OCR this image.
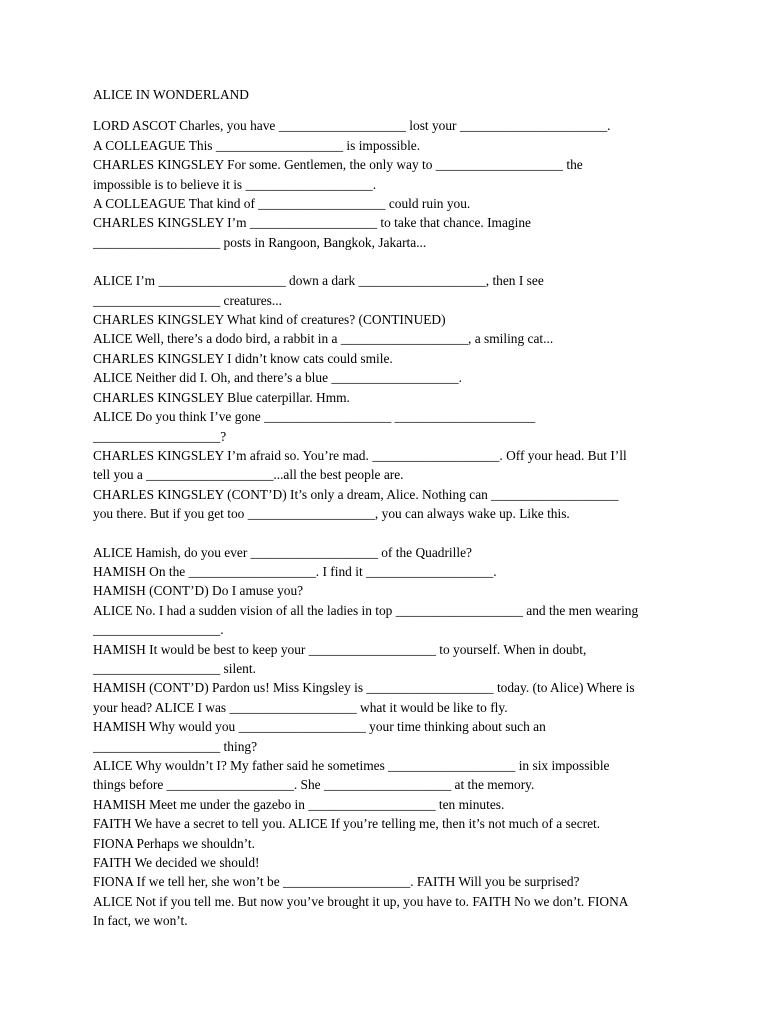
ALICE IN WONDERLAND
LORD ASCOT Charles, you have ___________________ lost your ______________________.
A COLLEAGUE This ___________________ is impossible.
CHARLES KINGSLEY For some. Gentlemen, the only way to ___________________ the
impossible is to believe it is ___________________.
A COLLEAGUE That kind of ___________________ could ruin you.
CHARLES KINGSLEY I’m ___________________ to take that chance. Imagine
___________________ posts in Rangoon, Bangkok, Jakarta...
ALICE I’m ___________________ down a dark ___________________, then I see
___________________ creatures...
CHARLES KINGSLEY What kind of creatures? (CONTINUED)
ALICE Well, there’s a dodo bird, a rabbit in a ___________________, a smiling cat...
CHARLES KINGSLEY I didn’t know cats could smile.
ALICE Neither did I. Oh, and there’s a blue ___________________.
CHARLES KINGSLEY Blue caterpillar. Hmm.
ALICE Do you think I’ve gone ___________________ _____________________
___________________?
CHARLES KINGSLEY I’m afraid so. You’re mad. ___________________. Off your head. But I’ll
tell you a ___________________...all the best people are.
CHARLES KINGSLEY (CONT’D) It’s only a dream, Alice. Nothing can ___________________
you there. But if you get too ___________________, you can always wake up. Like this.
ALICE Hamish, do you ever ___________________ of the Quadrille?
HAMISH On the ___________________. I find it ___________________.
HAMISH (CONT’D) Do I amuse you?
ALICE No. I had a sudden vision of all the ladies in top ___________________ and the men wearing
___________________.
HAMISH It would be best to keep your ___________________ to yourself. When in doubt,
___________________ silent.
HAMISH (CONT’D) Pardon us! Miss Kingsley is ___________________ today. (to Alice) Where is
your head? ALICE I was ___________________ what it would be like to fly.
HAMISH Why would you ___________________ your time thinking about such an
___________________ thing?
ALICE Why wouldn’t I? My father said he sometimes ___________________ in six impossible
things before ___________________. She ___________________ at the memory.
HAMISH Meet me under the gazebo in ___________________ ten minutes.
FAITH We have a secret to tell you. ALICE If you’re telling me, then it’s not much of a secret.
FIONA Perhaps we shouldn’t.
FAITH We decided we should!
FIONA If we tell her, she won’t be ___________________. FAITH Will you be surprised?
ALICE Not if you tell me. But now you’ve brought it up, you have to. FAITH No we don’t. FIONA
In fact, we won’t.
